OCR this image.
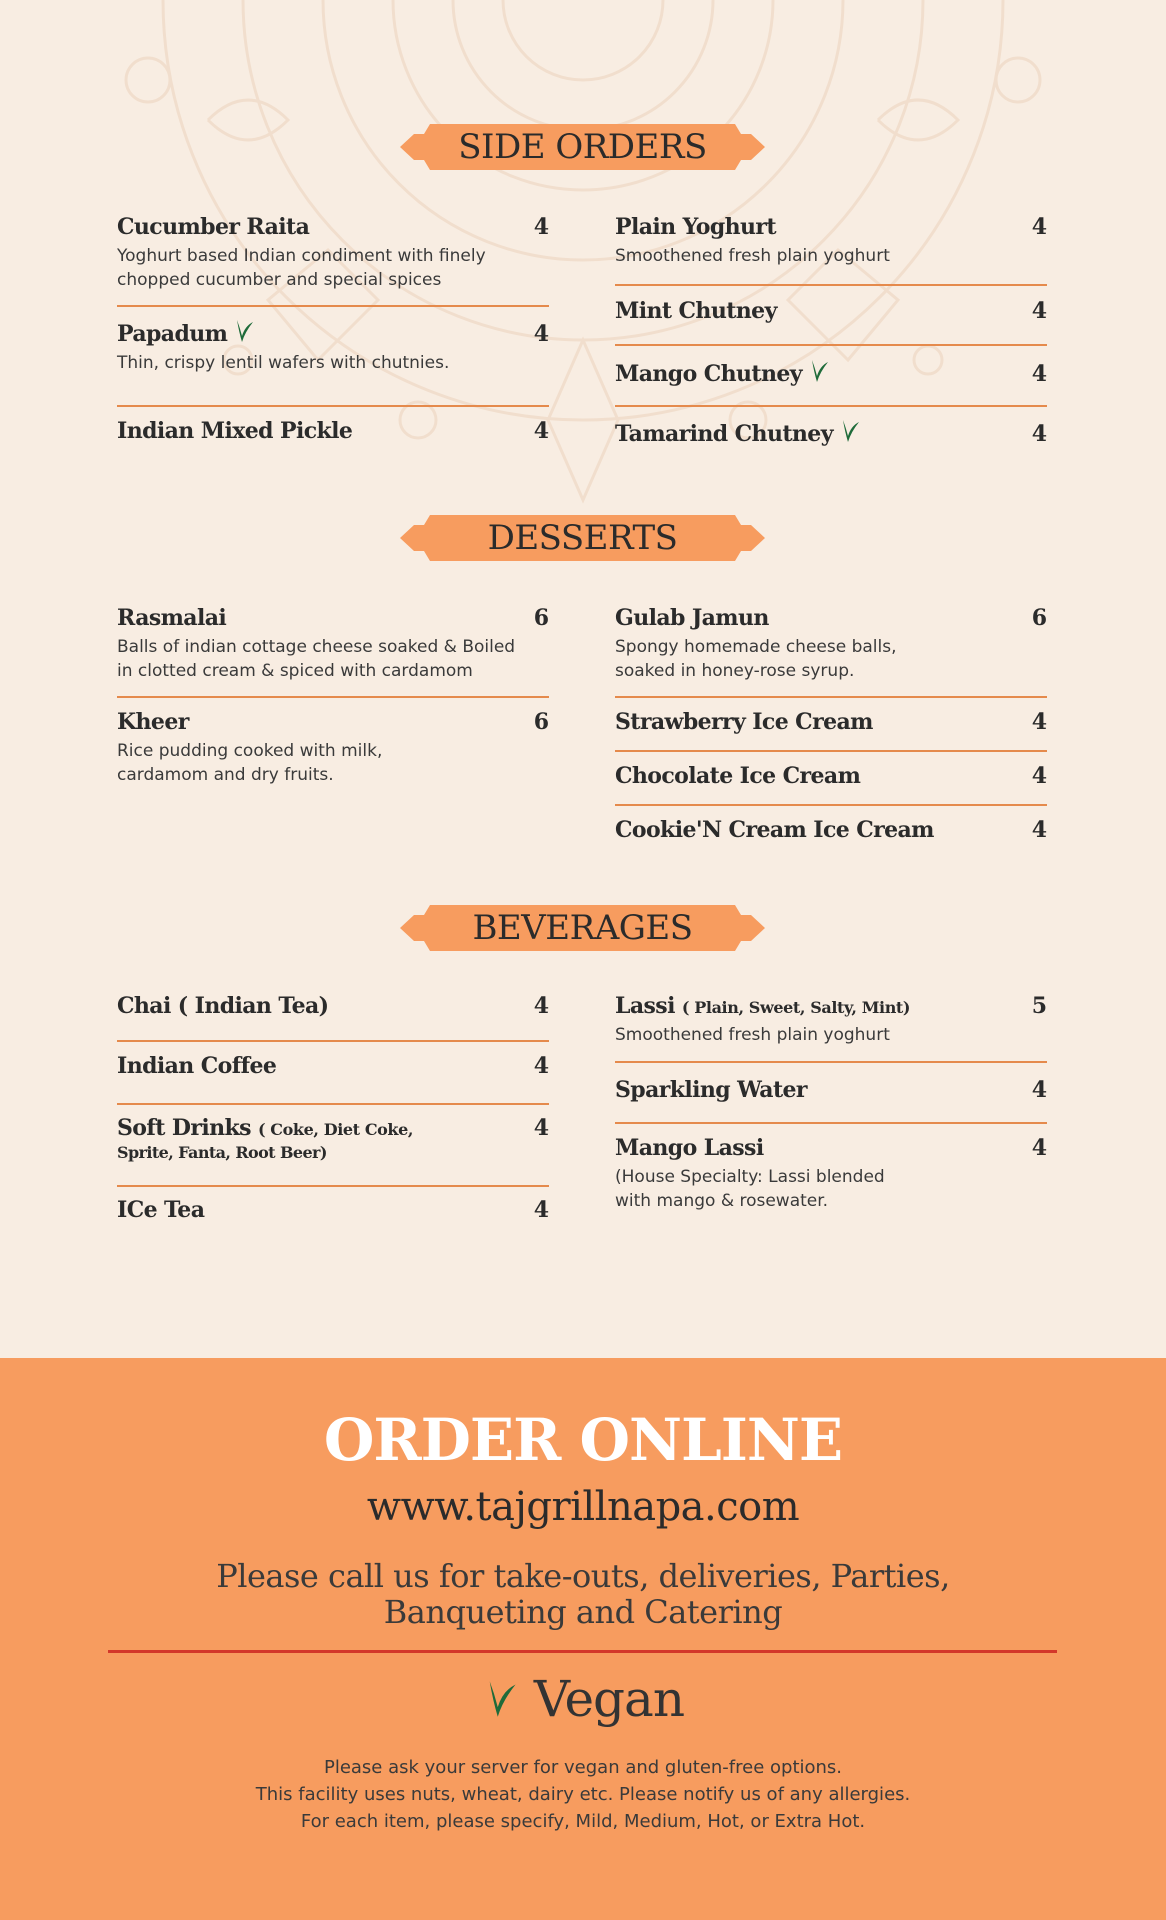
SIDE ORDERS
Cucumber Raita	4
Yoghurt based Indian condiment with finely
chopped cucumber and special spices
Papadum	4
Thin, crispy lentil wafers with chutnies.
Indian Mixed Pickle	4
Plain Yoghurt	4
Smoothened fresh plain yoghurt
Mint Chutney	4
Mango Chutney	4
Tamarind Chutney	4
DESSERTS
Rasmalai	6
Balls of indian cottage cheese soaked & Boiled
in clotted cream & spiced with cardamom
Kheer	6
Rice pudding cooked with milk,
cardamom and dry fruits.
Gulab Jamun	6
Spongy homemade cheese balls,
soaked in honey-rose syrup.
Strawberry Ice Cream	4
Chocolate Ice Cream	4
Cookie'N Cream Ice Cream	4
BEVERAGES
Chai ( Indian Tea)	4
Indian Coffee	4
Soft Drinks ( Coke, Diet Coke,	4
Sprite, Fanta, Root Beer)
ICe Tea	4
Lassi ( Plain, Sweet, Salty, Mint)	5
Smoothened fresh plain yoghurt
Sparkling Water	4
Mango Lassi	4
(House Specialty: Lassi blended
with mango & rosewater.
ORDER ONLINE
www.tajgrillnapa.com
Please call us for take-outs, deliveries, Parties,
Banqueting and Catering
Vegan
Please ask your server for vegan and gluten-free options.
This facility uses nuts, wheat, dairy etc. Please notify us of any allergies.
For each item, please specify, Mild, Medium, Hot, or Extra Hot.
